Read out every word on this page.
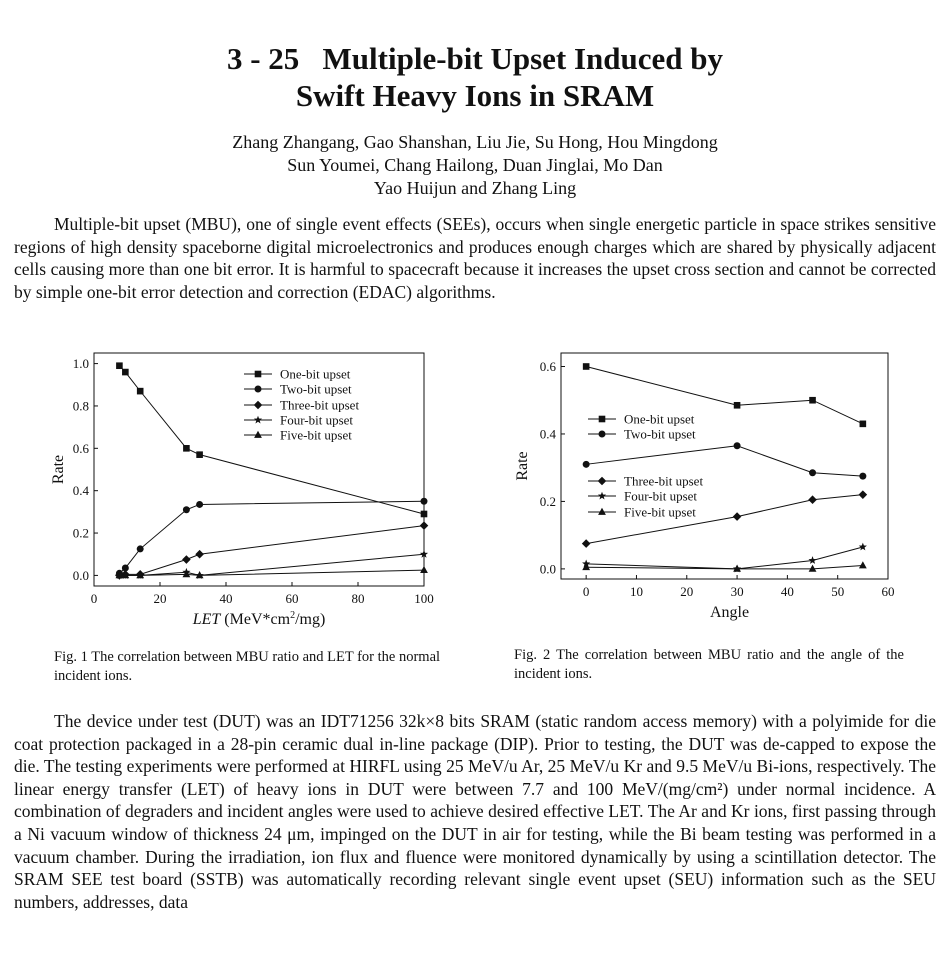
3 - 25   Multiple-bit Upset Induced by
Swift Heavy Ions in SRAM
Zhang Zhangang, Gao Shanshan, Liu Jie, Su Hong, Hou Mingdong
Sun Youmei, Chang Hailong, Duan Jinglai, Mo Dan
Yao Huijun and Zhang Ling

Multiple-bit upset (MBU), one of single event effects (SEEs), occurs when single energetic particle in space strikes sensitive regions of high density spaceborne digital microelectronics and produces enough charges which are shared by physically adjacent cells causing more than one bit error. It is harmful to spacecraft because it increases the upset cross section and cannot be corrected by simple one-bit error detection and correction (EDAC) algorithms.

0	20	40	60	80	100
0.0
0.2
0.4
0.6
0.8
1.0
One-bit upset
Two-bit upset
Three-bit upset
Four-bit upset
Five-bit upset
LET $(MeV*cm^2/mg)$
Rate
0	10	20	30	40	50	60
0.0
0.2
0.4
0.6
One-bit upset
Two-bit upset
Three-bit upset
Four-bit upset
Five-bit upset
Angle
Rate
Fig. 1 The correlation between MBU ratio and LET for the normal incident ions.
Fig. 2 The correlation between MBU ratio and the angle of the incident ions.

The device under test (DUT) was an IDT71256 32k×8 bits SRAM (static random access memory) with a polyimide for die coat protection packaged in a 28-pin ceramic dual in-line package (DIP). Prior to testing, the DUT was de-capped to expose the die. The testing experiments were performed at HIRFL using 25 MeV/u Ar, 25 MeV/u Kr and 9.5 MeV/u Bi-ions, respectively. The linear energy transfer (LET) of heavy ions in DUT were between 7.7 and 100 MeV/(mg/cm²) under normal incidence. A combination of degraders and incident angles were used to achieve desired effective LET. The Ar and Kr ions, first passing through a Ni vacuum window of thickness 24 μm, impinged on the DUT in air for testing, while the Bi beam testing was performed in a vacuum chamber. During the irradiation, ion flux and fluence were monitored dynamically by using a scintillation detector. The SRAM SEE test board (SSTB) was automatically recording relevant single event upset (SEU) information such as the SEU numbers, addresses, data
